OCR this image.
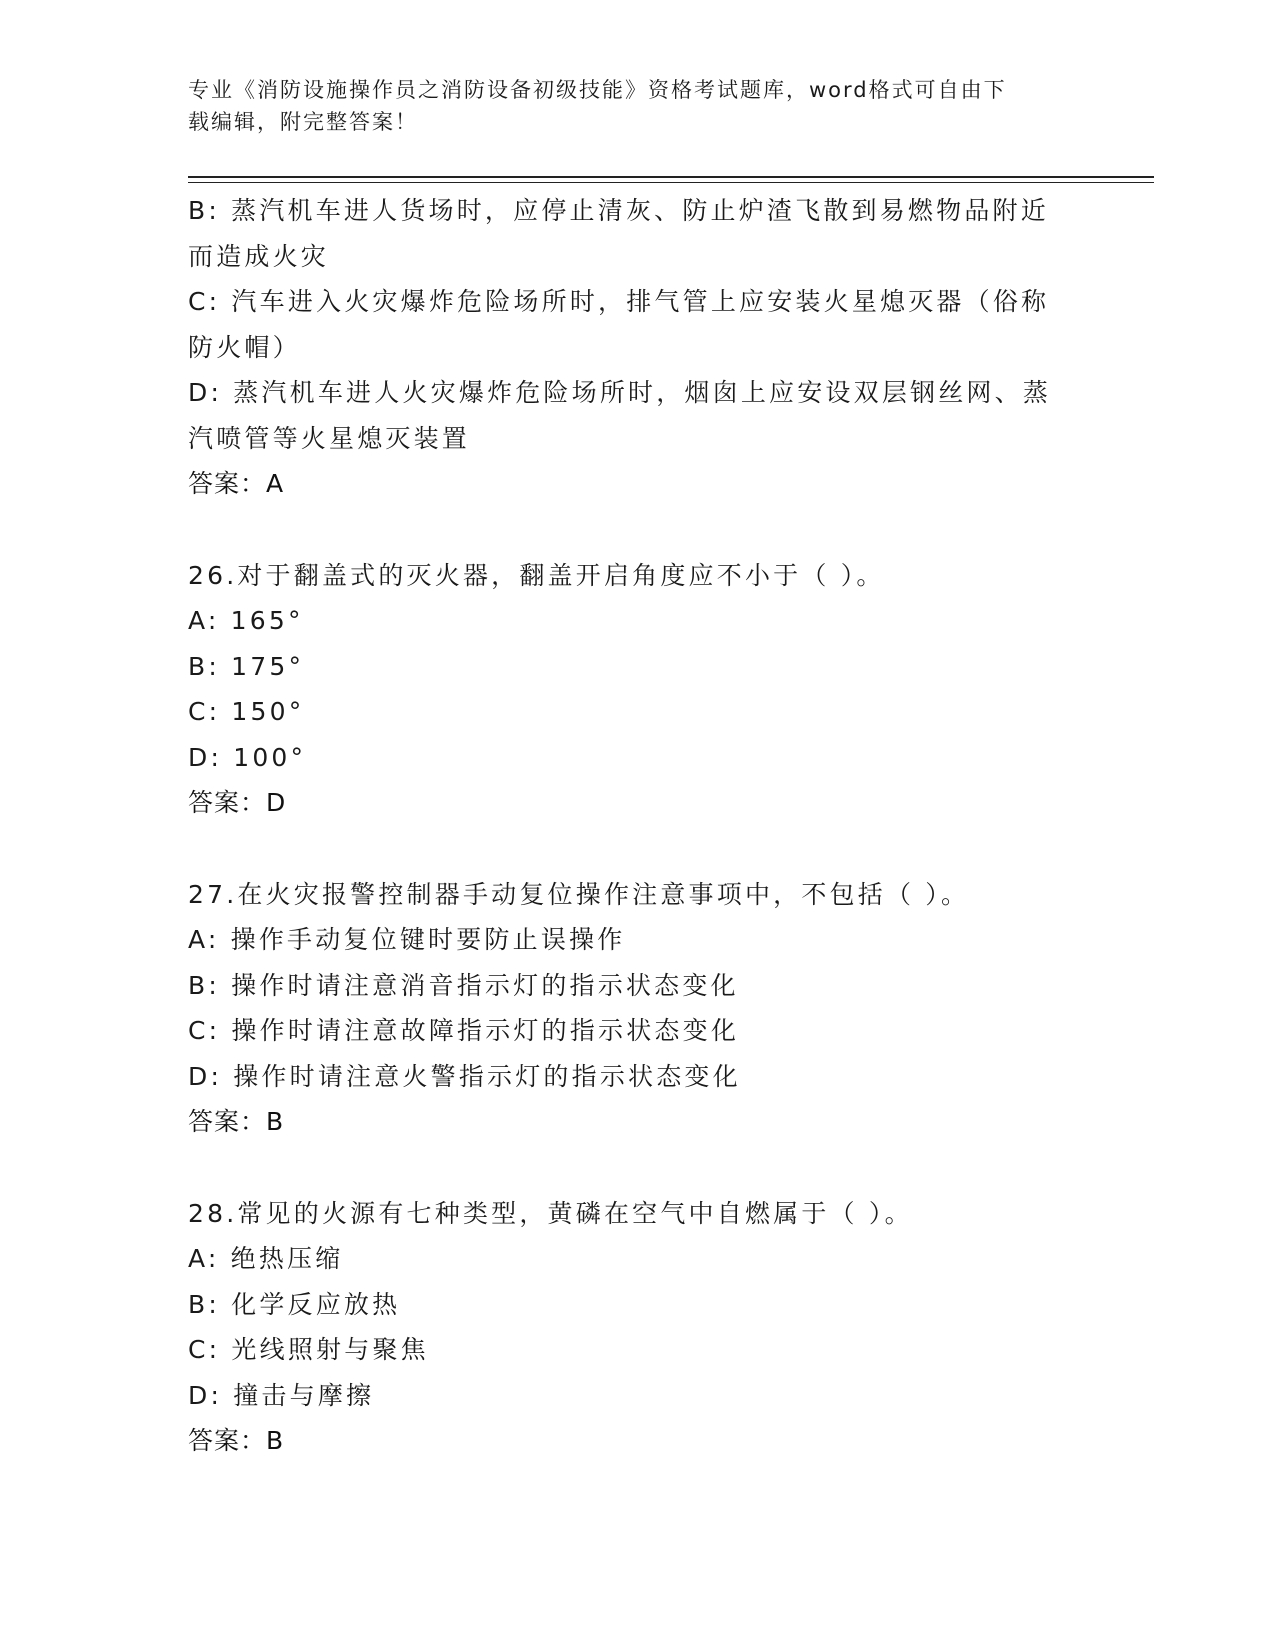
专业《消防设施操作员之消防设备初级技能》资格考试题库，word格式可自由下
载编辑，附完整答案！
B: 蒸汽机车进人货场时，应停止清灰、防止炉渣飞散到易燃物品附近
而造成火灾
C: 汽车进入火灾爆炸危险场所时，排气管上应安装火星熄灭器（俗称
防火帽）
D: 蒸汽机车进人火灾爆炸危险场所时，烟囱上应安设双层钢丝网、蒸
汽喷管等火星熄灭装置
答案：A
26.对于翻盖式的灭火器，翻盖开启角度应不小于（ ）。
A: 165°
B: 175°
C: 150°
D: 100°
答案：D
27.在火灾报警控制器手动复位操作注意事项中，不包括（ ）。
A: 操作手动复位键时要防止误操作
B: 操作时请注意消音指示灯的指示状态变化
C: 操作时请注意故障指示灯的指示状态变化
D: 操作时请注意火警指示灯的指示状态变化
答案：B
28.常见的火源有七种类型，黄磷在空气中自燃属于（ ）。
A: 绝热压缩
B: 化学反应放热
C: 光线照射与聚焦
D: 撞击与摩擦
答案：B
